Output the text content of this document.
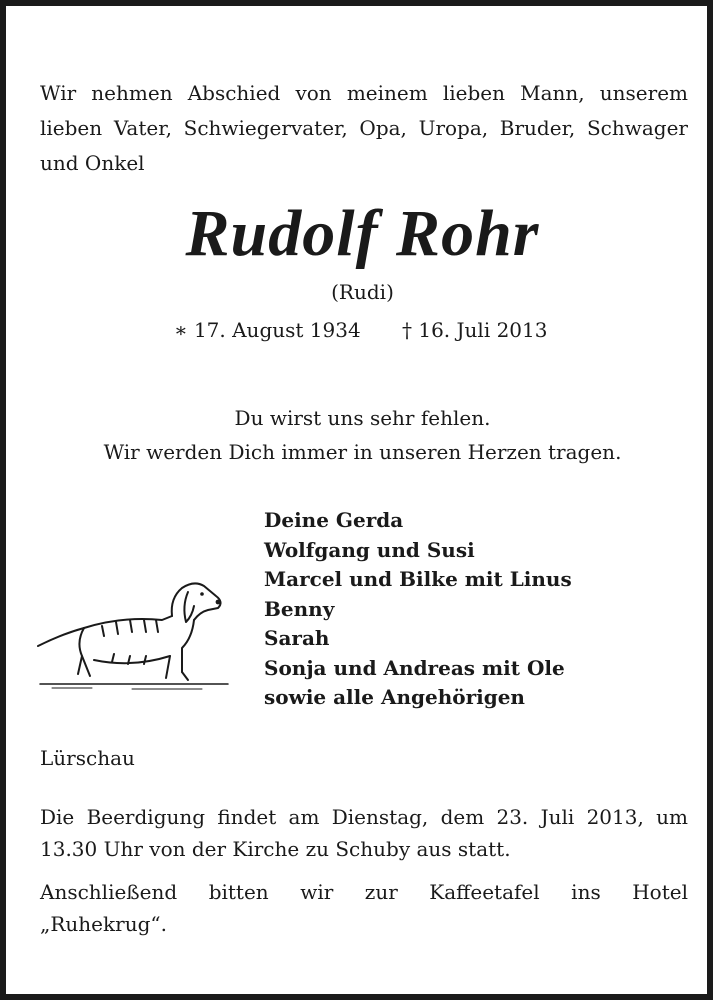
Wir nehmen Abschied von meinem lieben Mann, unserem
lieben Vater, Schwiegervater, Opa, Uropa, Bruder, Schwager
und Onkel
Rudolf Rohr
(Rudi)
∗ 17. August 1934 † 16. Juli 2013
Du wirst uns sehr fehlen.
Wir werden Dich immer in unseren Herzen tragen.
Deine Gerda
Wolfgang und Susi
Marcel und Bilke mit Linus
Benny
Sarah
Sonja und Andreas mit Ole
sowie alle Angehörigen
Lürschau
Die Beerdigung findet am Dienstag, dem 23. Juli 2013, um
13.30 Uhr von der Kirche zu Schuby aus statt.
Anschließend bitten wir zur Kaffeetafel ins Hotel
„Ruhekrug“.
